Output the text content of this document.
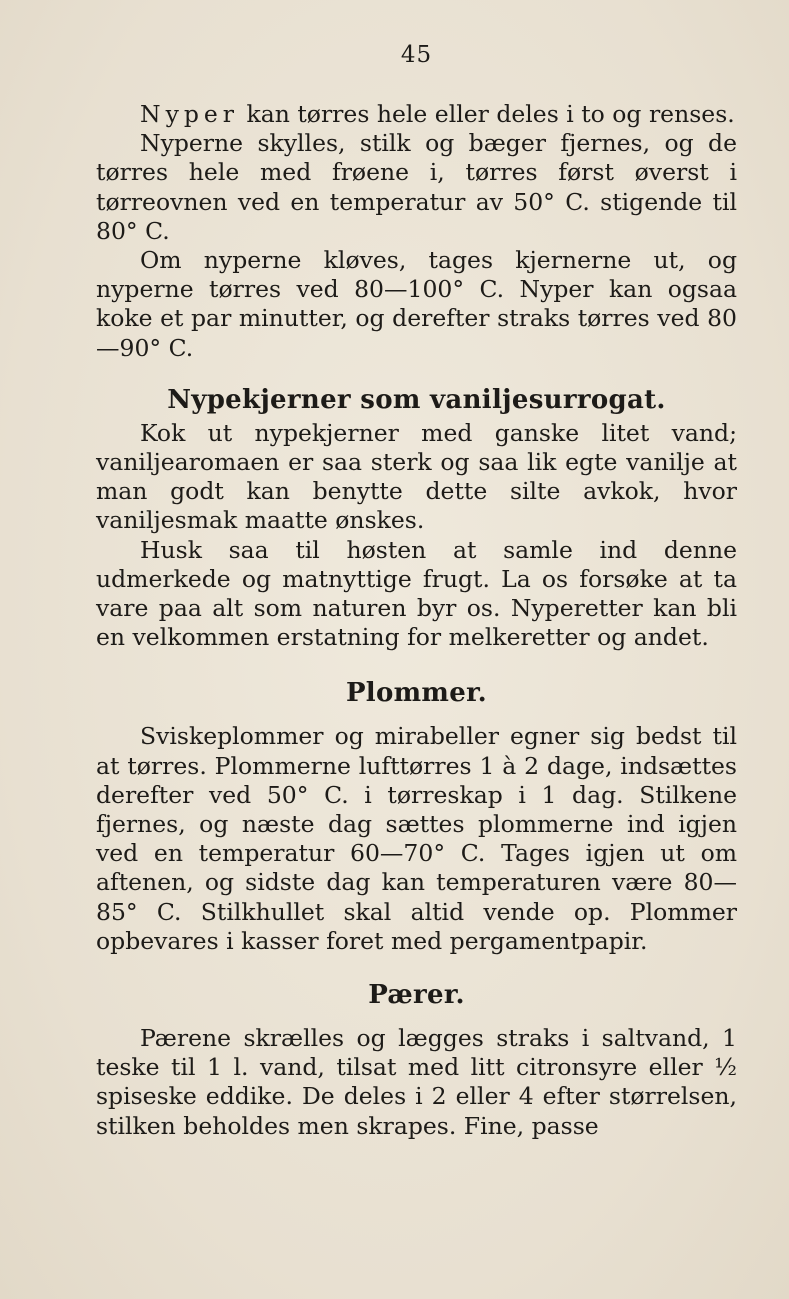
45

Nyper kan tørres hele eller deles i to og renses.

Nyperne skylles, stilk og bæger fjernes, og de tørres hele med frøene i, tørres først øverst i tørreovnen ved en temperatur av 50° C. stigende til 80° C.

Om nyperne kløves, tages kjernerne ut, og nyperne tørres ved 80—100° C. Nyper kan ogsaa koke et par minutter, og derefter straks tørres ved 80—90° C.

Nypekjerner som vaniljesurrogat.

Kok ut nypekjerner med ganske litet vand; vaniljearomaen er saa sterk og saa lik egte vanilje at man godt kan benytte dette silte avkok, hvor vaniljesmak maatte ønskes.

Husk saa til høsten at samle ind denne udmerkede og matnyttige frugt. La os forsøke at ta vare paa alt som naturen byr os. Nyperetter kan bli en velkommen erstatning for melkeretter og andet.

Plommer.

Sviskeplommer og mirabeller egner sig bedst til at tørres. Plommerne lufttørres 1 à 2 dage, indsættes derefter ved 50° C. i tørreskap i 1 dag. Stilkene fjernes, og næste dag sættes plommerne ind igjen ved en temperatur 60—70° C. Tages igjen ut om aftenen, og sidste dag kan temperaturen være 80—85° C. Stilkhullet skal altid vende op. Plommer opbevares i kasser foret med pergamentpapir.

Pærer.

Pærene skrælles og lægges straks i saltvand, 1 teske til 1 l. vand, tilsat med litt citronsyre eller ½ spiseske eddike. De deles i 2 eller 4 efter størrelsen, stilken beholdes men skrapes. Fine, passe
